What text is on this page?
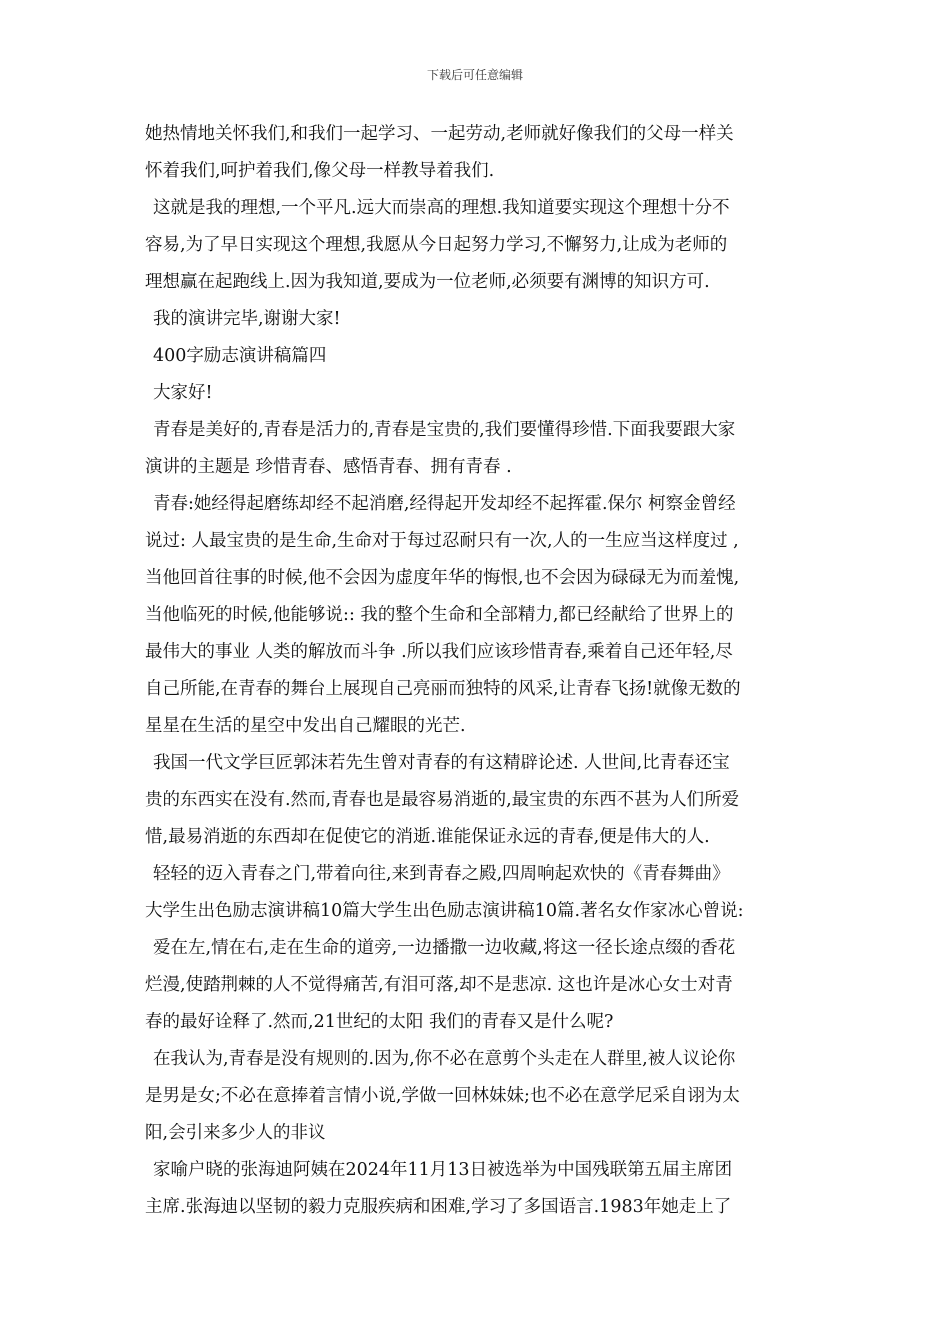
下载后可任意编辑
她热情地关怀我们,和我们一起学习、一起劳动,老师就好像我们的父母一样关
怀着我们,呵护着我们,像父母一样教导着我们.
这就是我的理想,一个平凡.远大而崇高的理想.我知道要实现这个理想十分不
容易,为了早日实现这个理想,我愿从今日起努力学习,不懈努力,让成为老师的
理想赢在起跑线上.因为我知道,要成为一位老师,必须要有渊博的知识方可.
我的演讲完毕,谢谢大家!
400字励志演讲稿篇四
大家好!
青春是美好的,青春是活力的,青春是宝贵的,我们要懂得珍惜.下面我要跟大家
演讲的主题是 珍惜青春、感悟青春、拥有青春 .
青春:她经得起磨练却经不起消磨,经得起开发却经不起挥霍.保尔 柯察金曾经
说过: 人最宝贵的是生命,生命对于每过忍耐只有一次,人的一生应当这样度过 ,
当他回首往事的时候,他不会因为虚度年华的悔恨,也不会因为碌碌无为而羞愧,
当他临死的时候,他能够说:: 我的整个生命和全部精力,都已经献给了世界上的
最伟大的事业 人类的解放而斗争 .所以我们应该珍惜青春,乘着自己还年轻,尽
自己所能,在青春的舞台上展现自己亮丽而独特的风采,让青春飞扬!就像无数的
星星在生活的星空中发出自己耀眼的光芒.
我国一代文学巨匠郭沫若先生曾对青春的有这精辟论述. 人世间,比青春还宝
贵的东西实在没有.然而,青春也是最容易消逝的,最宝贵的东西不甚为人们所爱
惜,最易消逝的东西却在促使它的消逝.谁能保证永远的青春,便是伟大的人.
轻轻的迈入青春之门,带着向往,来到青春之殿,四周响起欢快的《青春舞曲》
大学生出色励志演讲稿10篇大学生出色励志演讲稿10篇.著名女作家冰心曾说:
爱在左,情在右,走在生命的道旁,一边播撒一边收藏,将这一径长途点缀的香花
烂漫,使踏荆棘的人不觉得痛苦,有泪可落,却不是悲凉. 这也许是冰心女士对青
春的最好诠释了.然而,21世纪的太阳 我们的青春又是什么呢?
在我认为,青春是没有规则的.因为,你不必在意剪个头走在人群里,被人议论你
是男是女;不必在意捧着言情小说,学做一回林妹妹;也不必在意学尼采自诩为太
阳,会引来多少人的非议
家喻户晓的张海迪阿姨在2024年11月13日被选举为中国残联第五届主席团
主席.张海迪以坚韧的毅力克服疾病和困难,学习了多国语言.1983年她走上了
